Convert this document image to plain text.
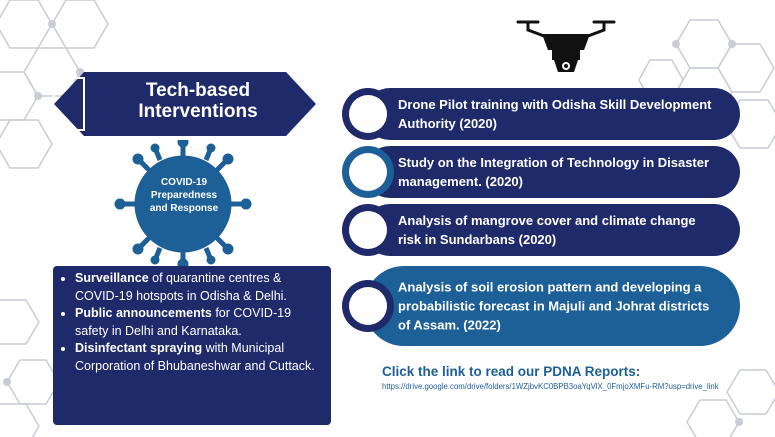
Tech-based Interventions
COVID-19 Preparedness and Response
• Surveillance of quarantine centres & COVID-19 hotspots in Odisha & Delhi.
• Public announcements for COVID-19 safety in Delhi and Karnataka.
• Disinfectant spraying with Municipal Corporation of Bhubaneshwar and Cuttack.
Drone Pilot training with Odisha Skill Development Authority (2020)
Study on the Integration of Technology in Disaster management. (2020)
Analysis of mangrove cover and climate change risk in Sundarbans (2020)
Analysis of soil erosion pattern and developing a probabilistic forecast in Majuli and Johrat districts of Assam. (2022)
Click the link to read our PDNA Reports:
https://drive.google.com/drive/folders/1WZjbvKC0BPB3oaYqVlX_0FmjoXMFu-RM?usp=drive_link
